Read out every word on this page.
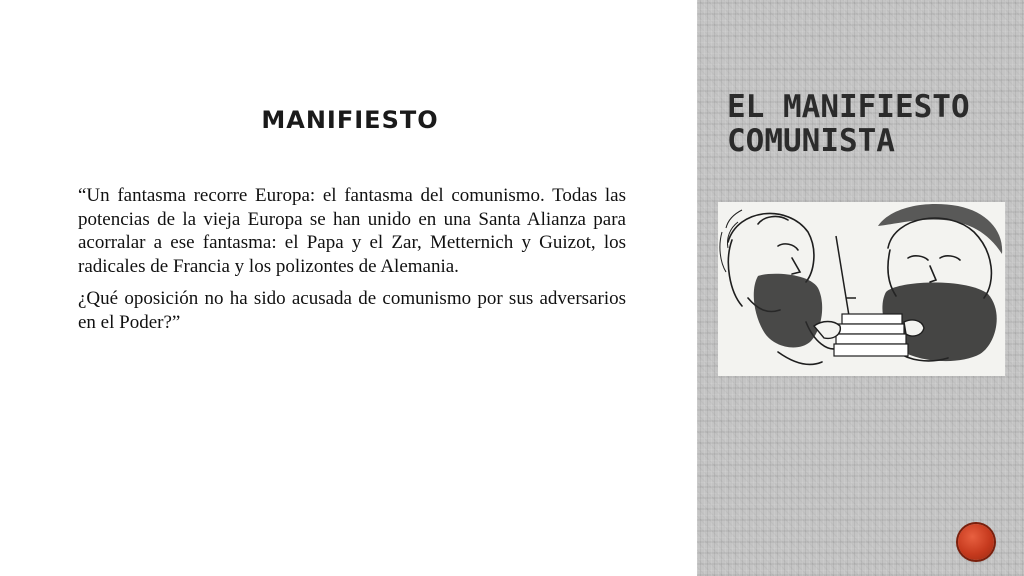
MANIFIESTO

“Un fantasma recorre Europa: el fantasma del comunismo. Todas las potencias de la vieja Europa se han unido en una Santa Alianza para acorralar a ese fantasma: el Papa y el Zar, Metternich y Guizot, los radicales de Francia y los polizontes de Alemania.

¿Qué oposición no ha sido acusada de comunismo por sus adversarios en el Poder?”

EL MANIFIESTO COMUNISTA
